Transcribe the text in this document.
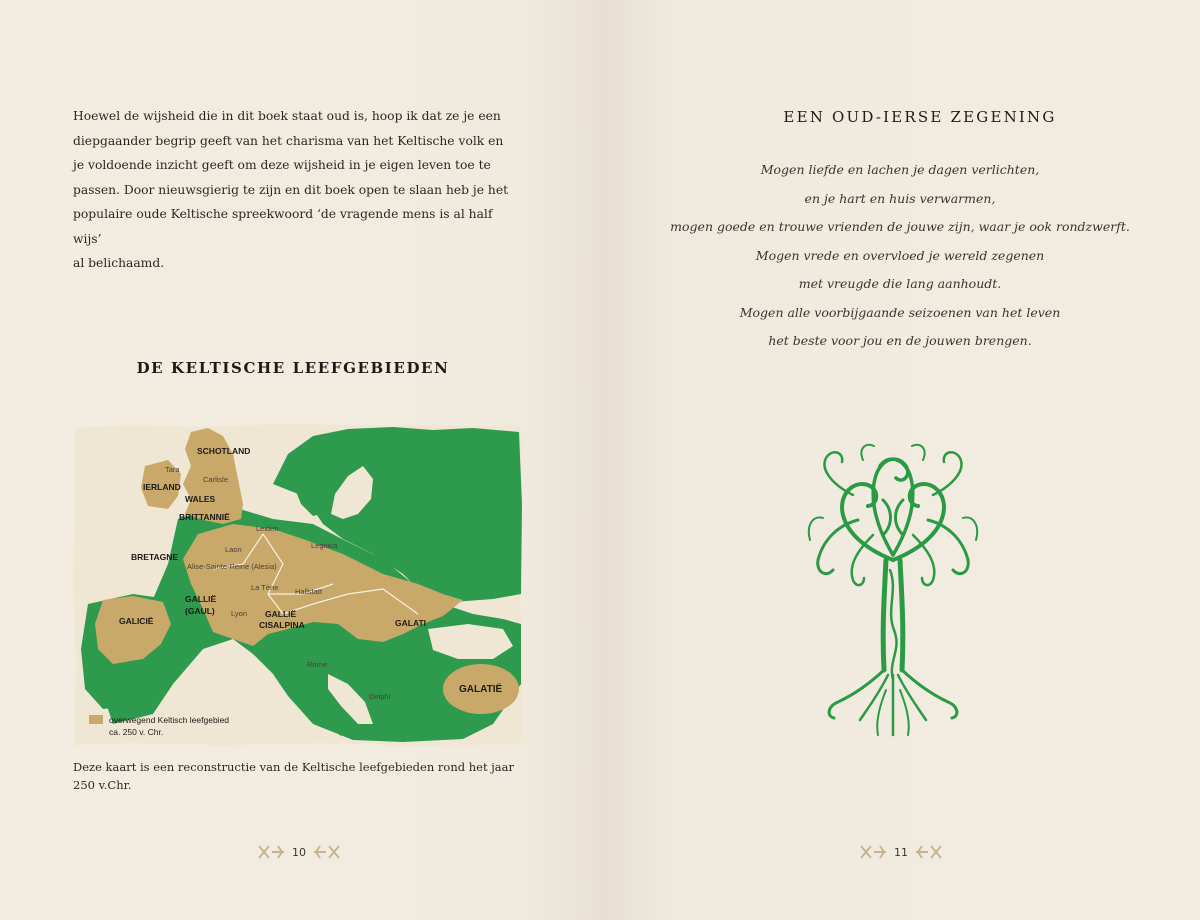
Hoewel de wijsheid die in dit boek staat oud is, hoop ik dat ze je een
diepgaander begrip geeft van het charisma van het Keltische volk en
je voldoende inzicht geeft om deze wijsheid in je eigen leven toe te
passen. Door nieuwsgierig te zijn en dit boek open te slaan heb je het
populaire oude Keltische spreekwoord ‘de vragende mens is al half wijs’
al belichaamd.
DE KELTISCHE LEEFGEBIEDEN
overwegend Keltisch leefgebied
ca. 250 v. Chr.
SCHOTLAND
IERLAND
WALES
BRITTANNIË
BRETAGNE
GALLIË
(GAUL)
GALICIË
GALLIË
CISALPINA	GALATI
GALATIË
Tara
Carlisle
Leiden
Legnica
Laon
Alise-Sainte-Reine (Alesia)
La Tène Hallstatt
Lyon
Rome
Delphi
Deze kaart is een reconstructie van de Keltische leefgebieden rond het jaar
250 v.Chr.
10
EEN OUD-IERSE ZEGENING
Mogen liefde en lachen je dagen verlichten,
en je hart en huis verwarmen,
mogen goede en trouwe vrienden de jouwe zijn, waar je ook rondzwerft.
Mogen vrede en overvloed je wereld zegenen
met vreugde die lang aanhoudt.
Mogen alle voorbijgaande seizoenen van het leven
het beste voor jou en de jouwen brengen.
11
